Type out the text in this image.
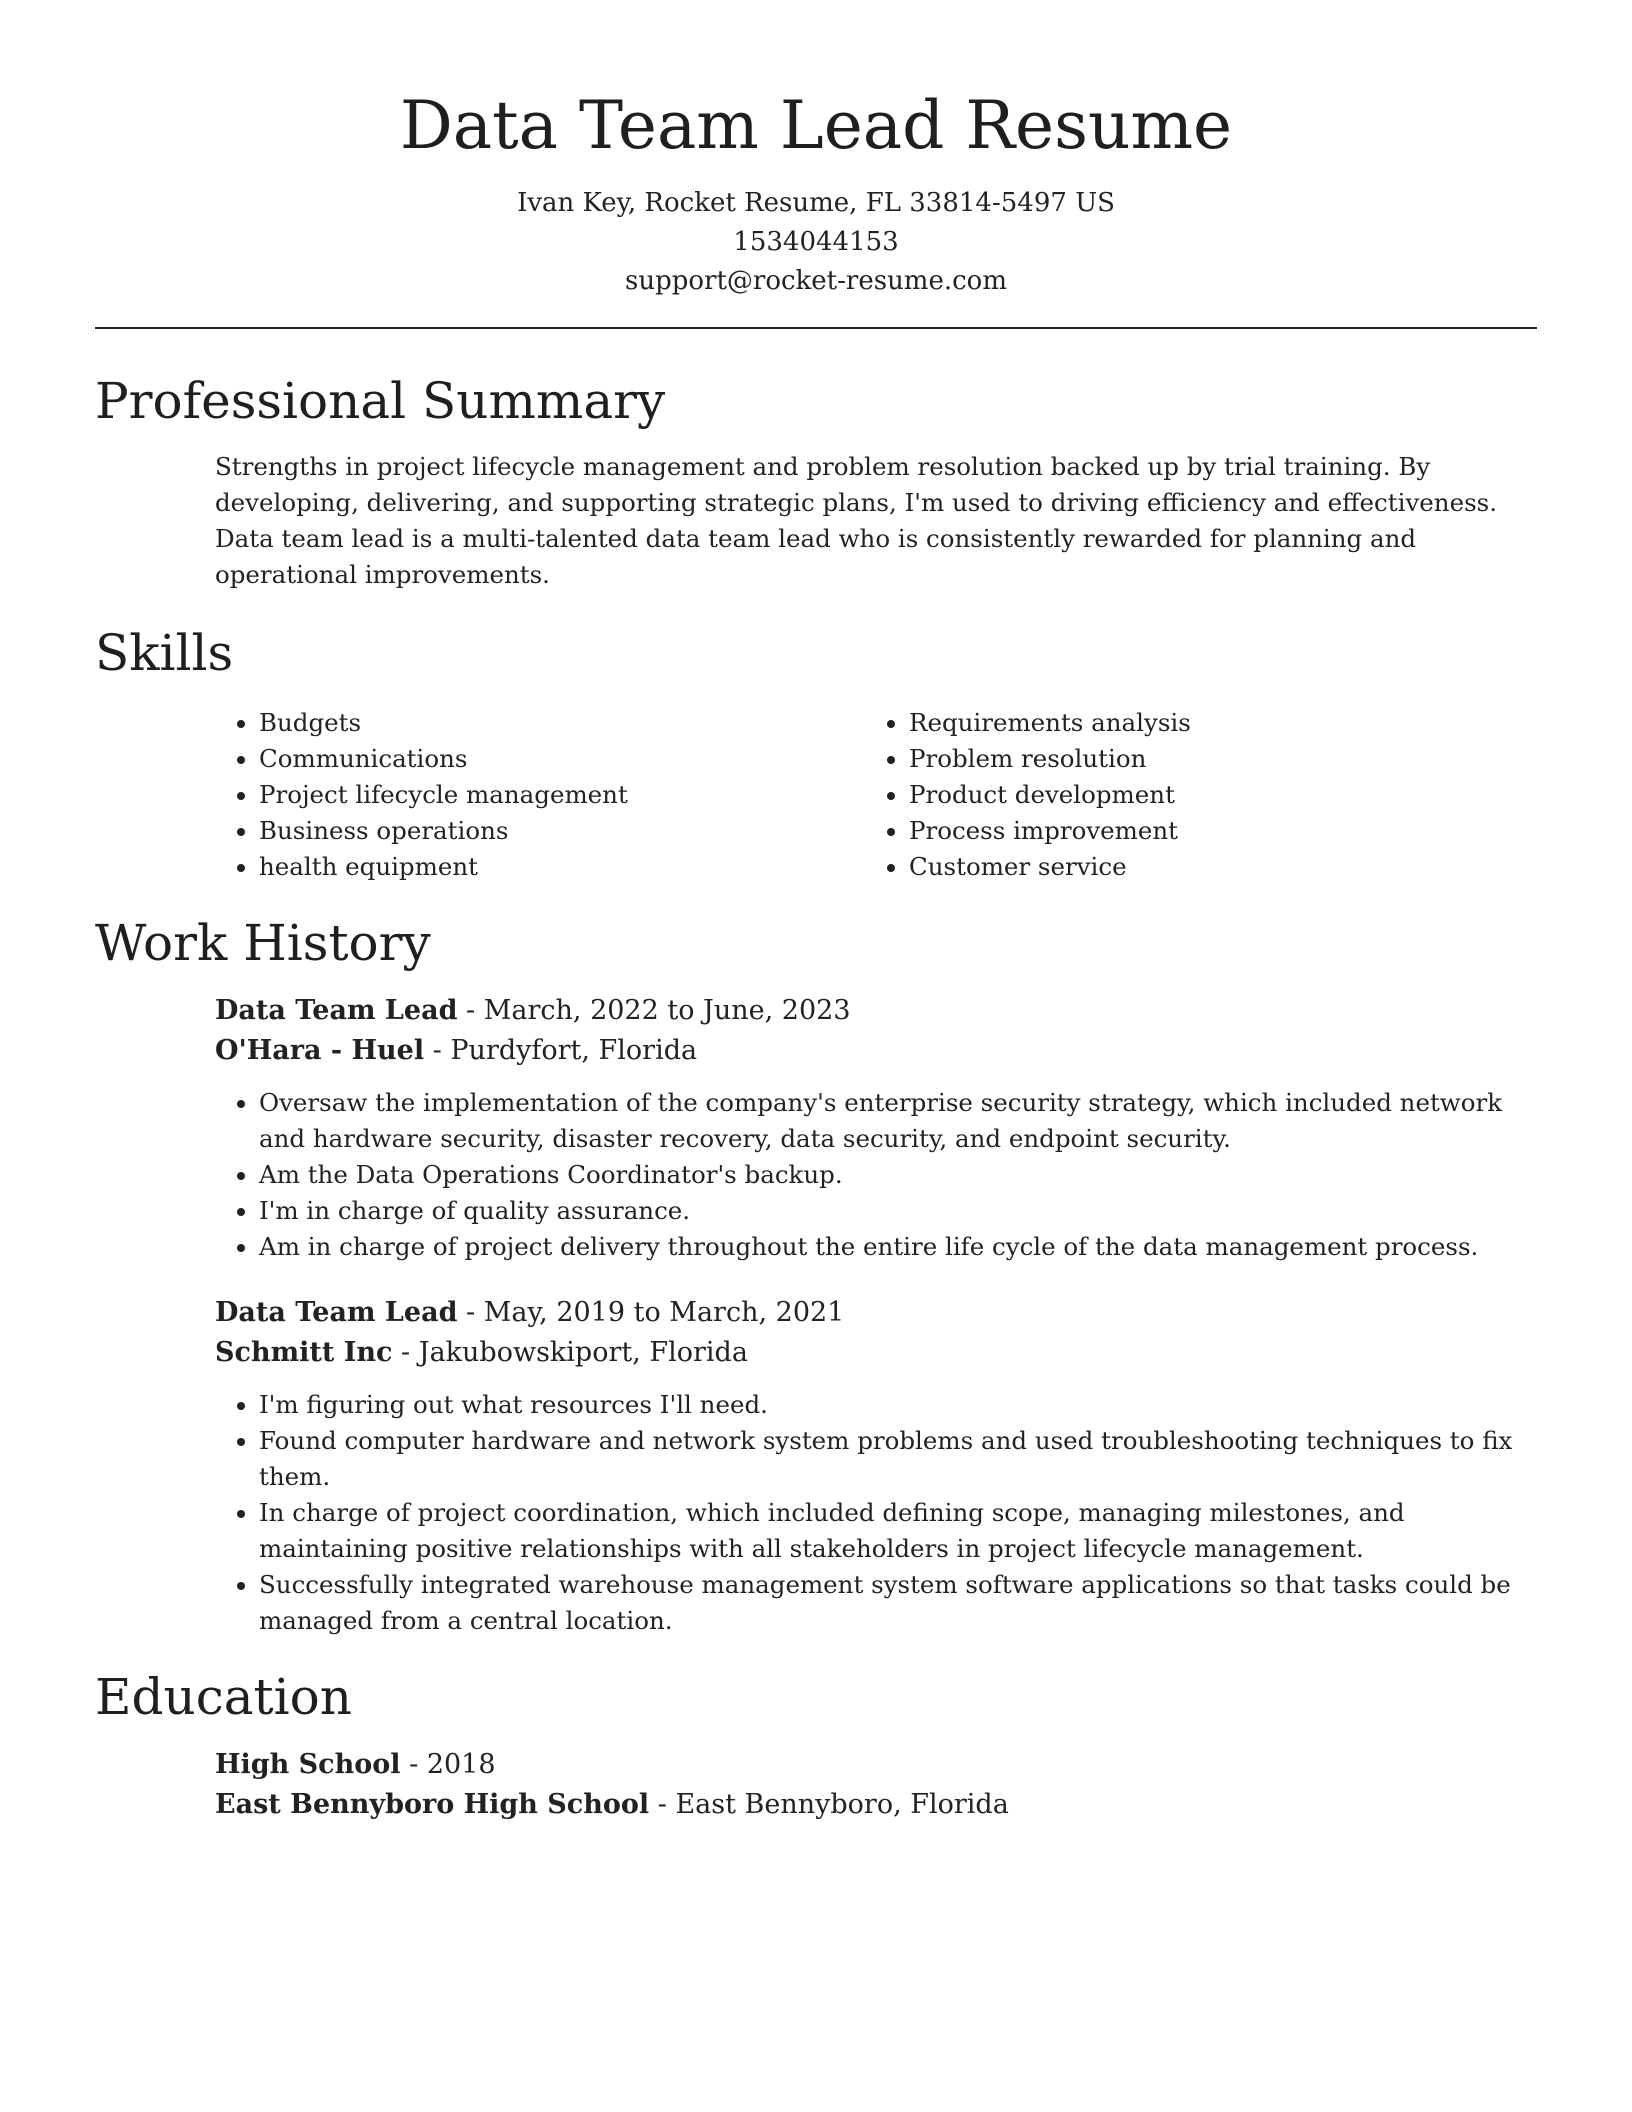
Data Team Lead Resume

Ivan Key, Rocket Resume, FL 33814-5497 US

1534044153

support@rocket-resume.com

Professional Summary

Strengths in project lifecycle management and problem resolution backed up by trial training. By developing, delivering, and supporting strategic plans, I'm used to driving efficiency and effectiveness. Data team lead is a multi-talented data team lead who is consistently rewarded for planning and operational improvements.

Skills
• Budgets
• Communications
• Project lifecycle management
• Business operations
• health equipment
• Requirements analysis
• Problem resolution
• Product development
• Process improvement
• Customer service
Work History

Data Team Lead - March, 2022 to June, 2023

O'Hara - Huel - Purdyfort, Florida

• Oversaw the implementation of the company's enterprise security strategy, which included network and hardware security, disaster recovery, data security, and endpoint security.
• Am the Data Operations Coordinator's backup.
• I'm in charge of quality assurance.
• Am in charge of project delivery throughout the entire life cycle of the data management process.

Data Team Lead - May, 2019 to March, 2021

Schmitt Inc - Jakubowskiport, Florida

• I'm figuring out what resources I'll need.
• Found computer hardware and network system problems and used troubleshooting techniques to fix them.
• In charge of project coordination, which included defining scope, managing milestones, and maintaining positive relationships with all stakeholders in project lifecycle management.
• Successfully integrated warehouse management system software applications so that tasks could be managed from a central location.
Education

High School - 2018

East Bennyboro High School - East Bennyboro, Florida
